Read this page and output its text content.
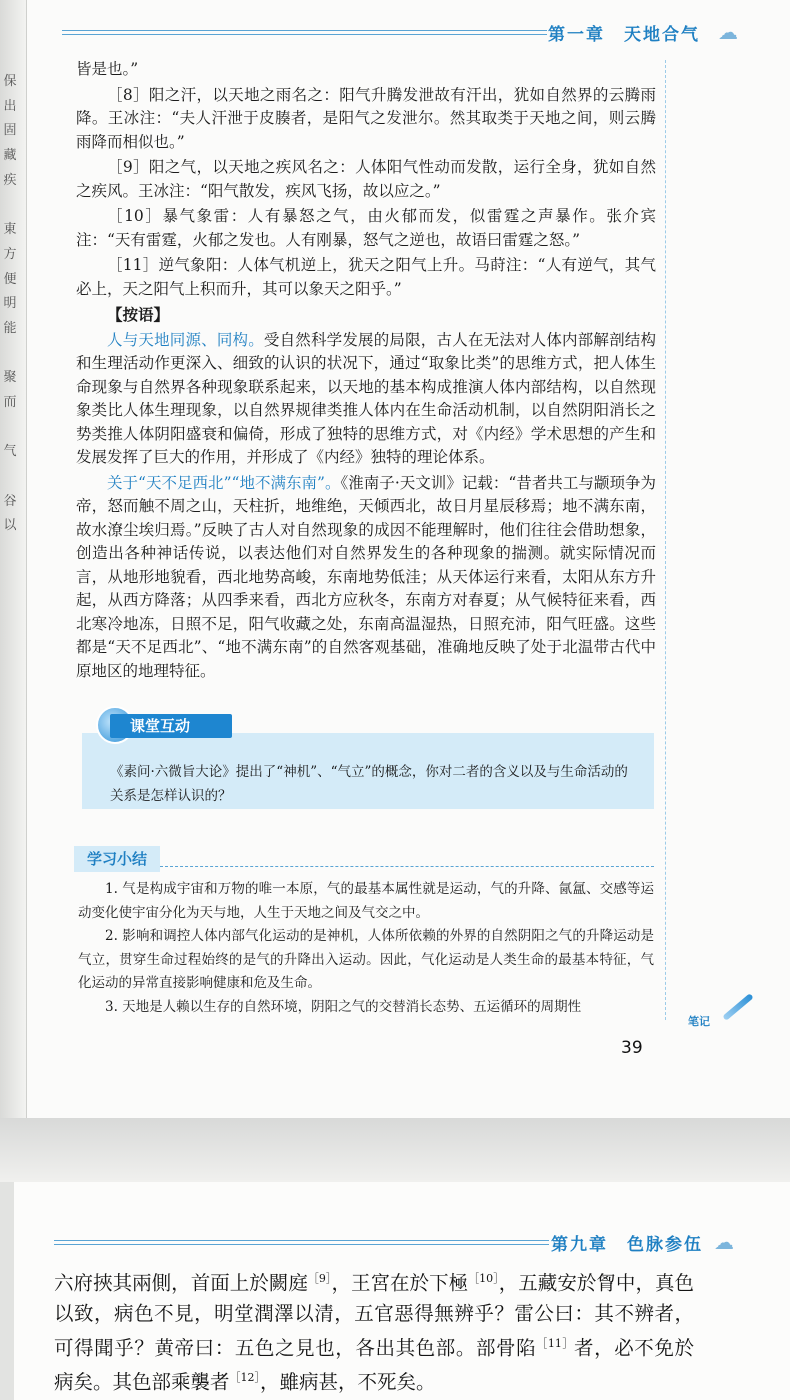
保
出
固
藏
疾

東
方
便
明
能

聚
而

气

谷
以
第一章　天地合气 ☁

皆是也。”

［8］阳之汗，以天地之雨名之：阳气升腾发泄故有汗出，犹如自然界的云腾雨降。王冰注：“夫人汗泄于皮腠者，是阳气之发泄尔。然其取类于天地之间，则云腾雨降而相似也。”

［9］阳之气，以天地之疾风名之：人体阳气性动而发散，运行全身，犹如自然之疾风。王冰注：“阳气散发，疾风飞扬，故以应之。”

［10］暴气象雷：人有暴怒之气，由火郁而发，似雷霆之声暴作。张介宾注：“天有雷霆，火郁之发也。人有刚暴，怒气之逆也，故语曰雷霆之怒。”

［11］逆气象阳：人体气机逆上，犹天之阳气上升。马莳注：“人有逆气，其气必上，天之阳气上积而升，其可以象天之阳乎。”

【按语】

人与天地同源、同构。受自然科学发展的局限，古人在无法对人体内部解剖结构和生理活动作更深入、细致的认识的状况下，通过“取象比类”的思维方式，把人体生命现象与自然界各种现象联系起来，以天地的基本构成推演人体内部结构，以自然现象类比人体生理现象，以自然界规律类推人体内在生命活动机制，以自然阴阳消长之势类推人体阴阳盛衰和偏倚，形成了独特的思维方式，对《内经》学术思想的产生和发展发挥了巨大的作用，并形成了《内经》独特的理论体系。

关于“天不足西北”“地不满东南”。《淮南子·天文训》记载：“昔者共工与颛顼争为帝，怒而触不周之山，天柱折，地维绝，天倾西北，故日月星辰移焉；地不满东南，故水潦尘埃归焉。”反映了古人对自然现象的成因不能理解时，他们往往会借助想象，创造出各种神话传说，以表达他们对自然界发生的各种现象的揣测。就实际情况而言，从地形地貌看，西北地势高峻，东南地势低洼；从天体运行来看，太阳从东方升起，从西方降落；从四季来看，西北方应秋冬，东南方对春夏；从气候特征来看，西北寒冷地冻，日照不足，阳气收藏之处，东南高温湿热，日照充沛，阳气旺盛。这些都是“天不足西北”、“地不满东南”的自然客观基础，准确地反映了处于北温带古代中原地区的地理特征。

课堂互动
《素问·六微旨大论》提出了“神机”、“气立”的概念，你对二者的含义以及与生命活动的关系是怎样认识的？
学习小结

1. 气是构成宇宙和万物的唯一本原，气的最基本属性就是运动，气的升降、氤氲、交感等运动变化使宇宙分化为天与地，人生于天地之间及气交之中。

2. 影响和调控人体内部气化运动的是神机，人体所依赖的外界的自然阴阳之气的升降运动是气立，贯穿生命过程始终的是气的升降出入运动。因此，气化运动是人类生命的最基本特征，气化运动的异常直接影响健康和危及生命。

3. 天地是人赖以生存的自然环境，阴阳之气的交替消长态势、五运循环的周期性

笔记
39
第九章　色脉参伍 ☁

六府挾其兩側，首面上於闕庭$^{[9]}$，王宮在於下極$^{[10]}$，五藏安於胷中，真色以致，病色不見，明堂潤澤以清，五官惡得無辨乎？雷公曰：其不辨者，可得聞乎？黄帝曰：五色之見也，各出其色部。部骨陷$^{[11]}$者，必不免於病矣。其色部乘襲者$^{[12]}$，雖病甚，不死矣。
